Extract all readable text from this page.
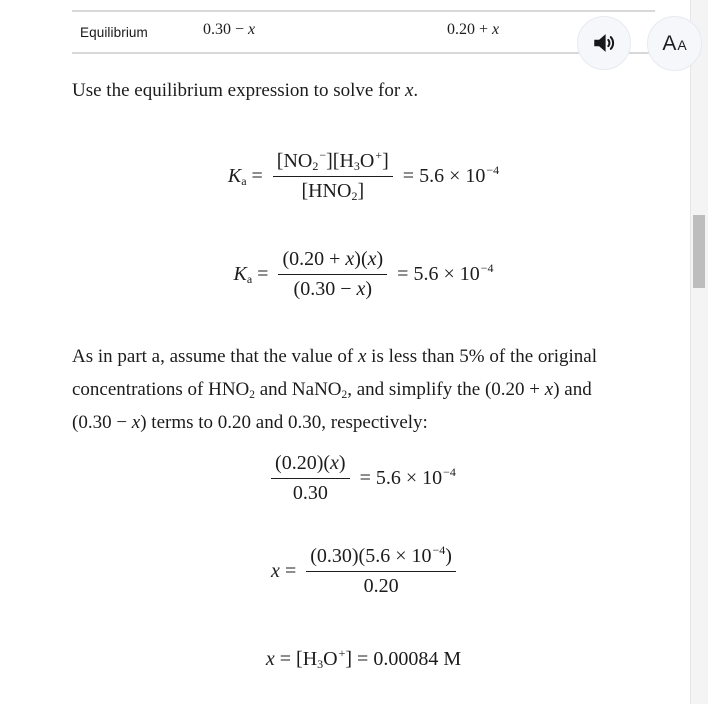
Equilibrium	0.30 − x	0.20 + x
A A
Use the equilibrium expression to solve for x.
$Ka = \frac{[NO2^-][H3O^+]}{\text{[HNO2]}} = 5.6 \times 10^{-4}$
$Ka = \frac{(0.20 + x)(x)}{(0.30 - x)} = 5.6 \times 10^{-4}$
As in part a, assume that the value of x is less than 5% of the original
concentrations of HNO2 and NaNO2, and simplify the (0.20 + x) and
(0.30 − x) terms to 0.20 and 0.30, respectively:
$\frac{(0.20)(x)}{0.30} = 5.6 \times 10^{-4}$
$x = \frac{(0.30)(5.6 \times 10^{-4})}{0.20}$
x = [H3O+] = 0.00084 M
